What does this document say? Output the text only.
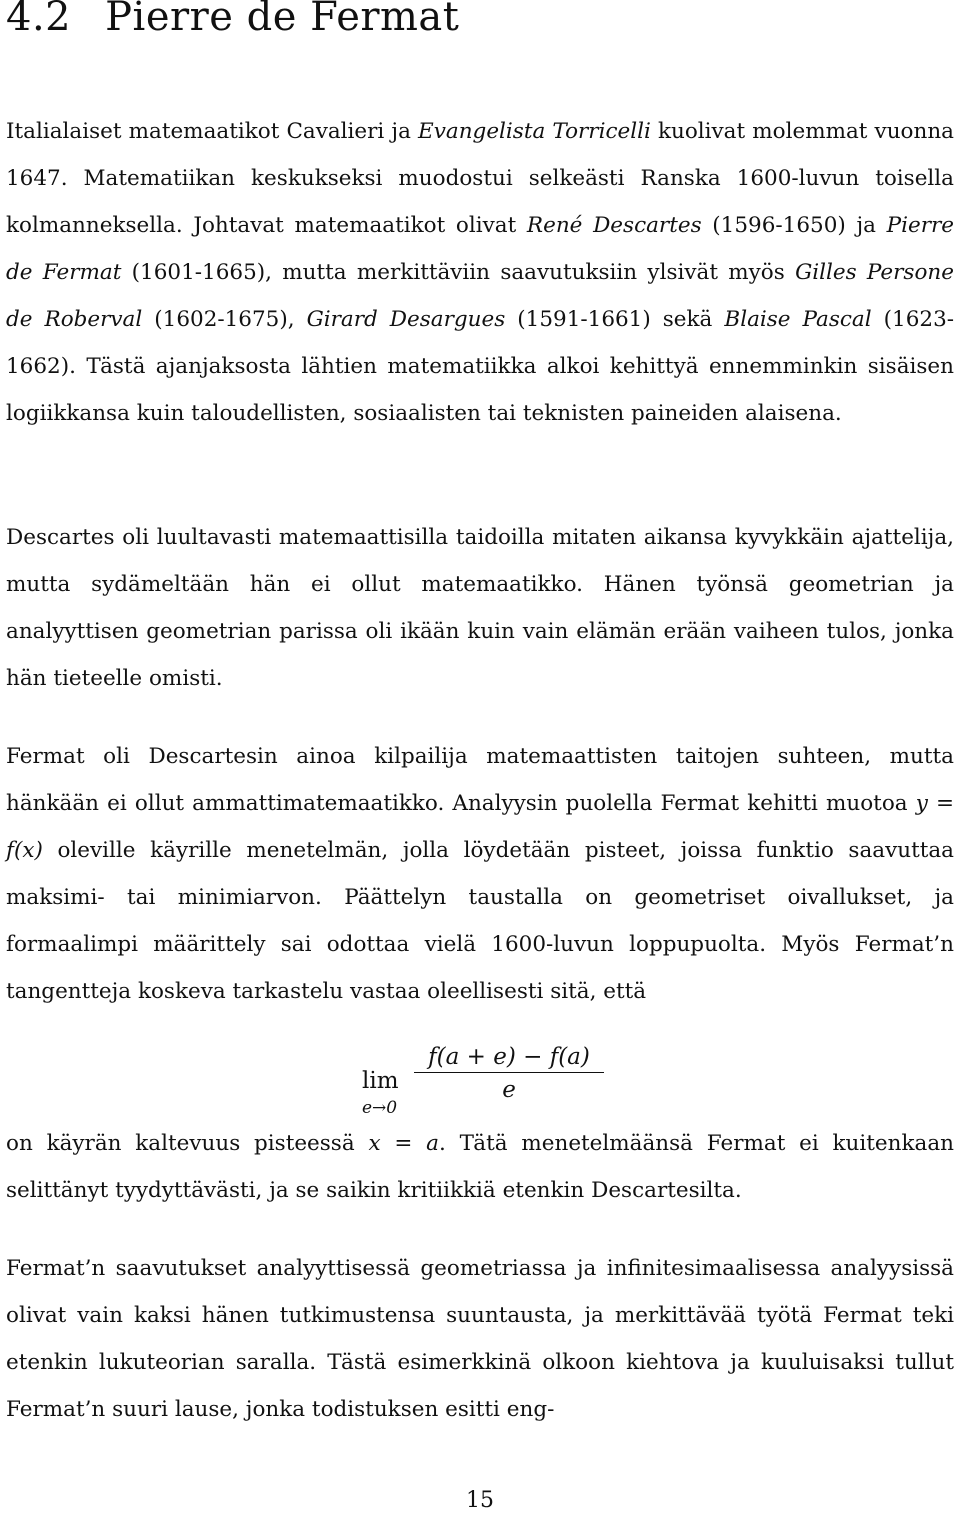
4.2 Pierre de Fermat

Italialaiset matemaatikot Cavalieri ja Evangelista Torricelli kuolivat molemmat vuonna 1647. Matematiikan keskukseksi muodostui selkeästi Ranska 1600-luvun toisella kolmanneksella. Johtavat matemaatikot olivat René Descartes (1596-1650) ja Pierre de Fermat (1601-1665), mutta merkittäviin saavutuksiin ylsivät myös Gilles Persone de Roberval (1602-1675), Girard Desargues (1591-1661) sekä Blaise Pascal (1623-1662). Tästä ajanjaksosta lähtien matematiikka alkoi kehittyä ennemminkin sisäisen logiikkansa kuin taloudellisten, sosiaalisten tai teknisten paineiden alaisena.

Descartes oli luultavasti matemaattisilla taidoilla mitaten aikansa kyvykkäin ajattelija, mutta sydämeltään hän ei ollut matemaatikko. Hänen työnsä geometrian ja analyyttisen geometrian parissa oli ikään kuin vain elämän erään vaiheen tulos, jonka hän tieteelle omisti.

Fermat oli Descartesin ainoa kilpailija matemaattisten taitojen suhteen, mutta hänkään ei ollut ammattimatemaatikko. Analyysin puolella Fermat kehitti muotoa y = f(x) oleville käyrille menetelmän, jolla löydetään pisteet, joissa funktio saavuttaa maksimi- tai minimiarvon. Päättelyn taustalla on geometriset oivallukset, ja formaalimpi määrittely sai odottaa vielä 1600-luvun loppupuolta. Myös Fermat’n tangentteja koskeva tarkastelu vastaa oleellisesti sitä, että

lim
e→0
f(a + e) − f(a)
e

on käyrän kaltevuus pisteessä x = a. Tätä menetelmäänsä Fermat ei kuitenkaan selittänyt tyydyttävästi, ja se saikin kritiikkiä etenkin Descartesilta.

Fermat’n saavutukset analyyttisessä geometriassa ja infinitesimaalisessa analyysissä olivat vain kaksi hänen tutkimustensa suuntausta, ja merkittävää työtä Fermat teki etenkin lukuteorian saralla. Tästä esimerkkinä olkoon kiehtova ja kuuluisaksi tullut Fermat’n suuri lause, jonka todistuksen esitti eng-

15
